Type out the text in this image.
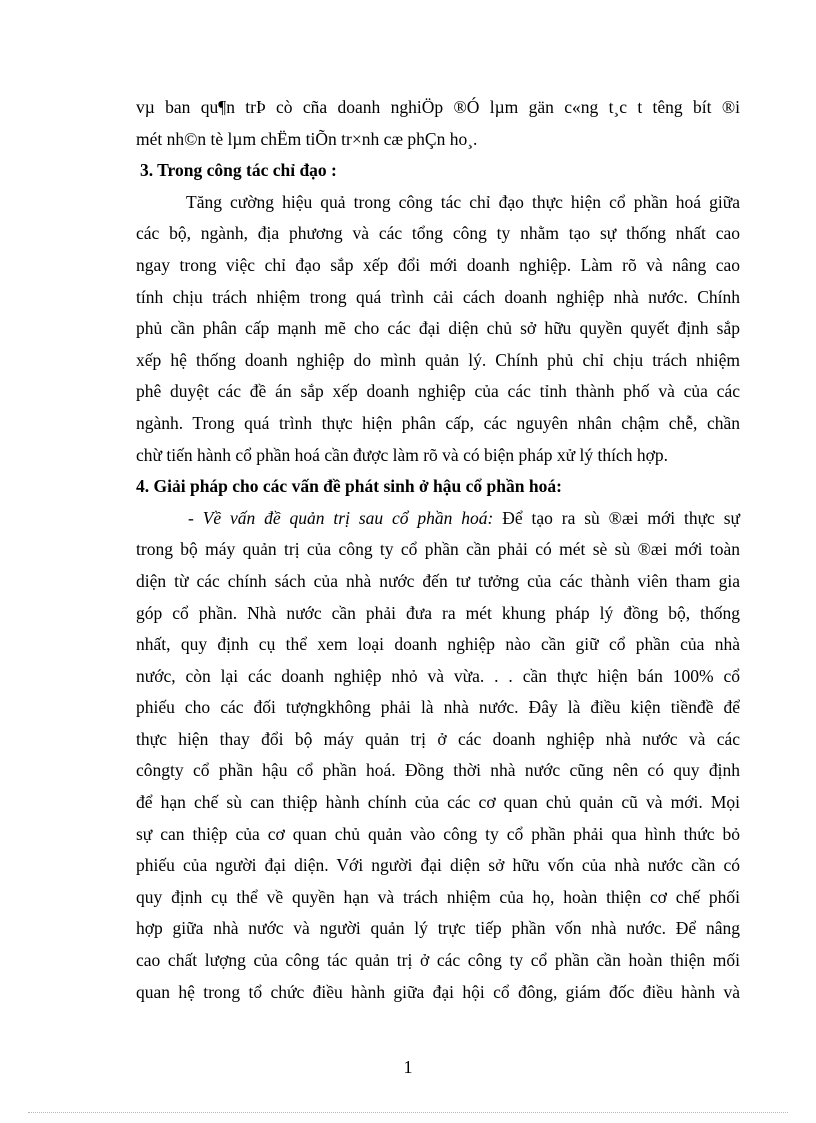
vµ ban qu¶n trÞ cò cña doanh nghiÖp ®Ó lµm gän c«ng t¸c t têng bít ®i
mét nh©n tè lµm chËm tiÕn tr×nh cæ phÇn ho¸.
3. Trong công tác chỉ đạo :
Tăng cường hiệu quả trong công tác chỉ đạo thực hiện cổ phần hoá giữa
các bộ, ngành, địa phương và các tổng công ty nhằm tạo sự thống nhất cao
ngay trong việc chỉ đạo sắp xếp đổi mới doanh nghiệp. Làm rõ và nâng cao
tính chịu trách nhiệm trong quá trình cải cách doanh nghiệp nhà nước. Chính
phủ cần phân cấp mạnh mẽ cho các đại diện chủ sở hữu quyền quyết định sắp
xếp hệ thống doanh nghiệp do mình quản lý. Chính phủ chỉ chịu trách nhiệm
phê duyệt các đề án sắp xếp doanh nghiệp của các tỉnh thành phố và của các
ngành. Trong quá trình thực hiện phân cấp, các nguyên nhân chậm chễ, chần
chừ tiến hành cổ phần hoá cần được làm rõ và có biện pháp xử lý thích hợp.
4. Giải pháp cho các vấn đề phát sinh ở hậu cổ phần hoá:
- Về vấn đề quản trị sau cổ phần hoá: Để tạo ra sù ®æi mới thực sự
trong bộ máy quản trị của công ty cổ phần cần phải có mét sè sù ®æi mới toàn
diện từ các chính sách của nhà nước đến tư tưởng của các thành viên tham gia
góp cổ phần. Nhà nước cần phải đưa ra mét khung pháp lý đồng bộ, thống
nhất, quy định cụ thể xem loại doanh nghiệp nào cần giữ cổ phần của nhà
nước, còn lại các doanh nghiệp nhỏ và vừa. . . cần thực hiện bán 100% cổ
phiếu cho các đối tượngkhông phải là nhà nước. Đây là điều kiện tiềnđề để
thực hiện thay đổi bộ máy quản trị ở các doanh nghiệp nhà nước và các
côngty cổ phần hậu cổ phần hoá. Đồng thời nhà nước cũng nên có quy định
để hạn chế sù can thiệp hành chính của các cơ quan chủ quản cũ và mới. Mọi
sự can thiệp của cơ quan chủ quản vào công ty cổ phần phải qua hình thức bỏ
phiếu của người đại diện. Với người đại diện sở hữu vốn của nhà nước cần có
quy định cụ thể về quyền hạn và trách nhiệm của họ, hoàn thiện cơ chế phối
hợp giữa nhà nước và người quản lý trực tiếp phần vốn nhà nước. Để nâng
cao chất lượng của công tác quản trị ở các công ty cổ phần cần hoàn thiện mối
quan hệ trong tổ chức điều hành giữa đại hội cổ đông, giám đốc điều hành và
1
